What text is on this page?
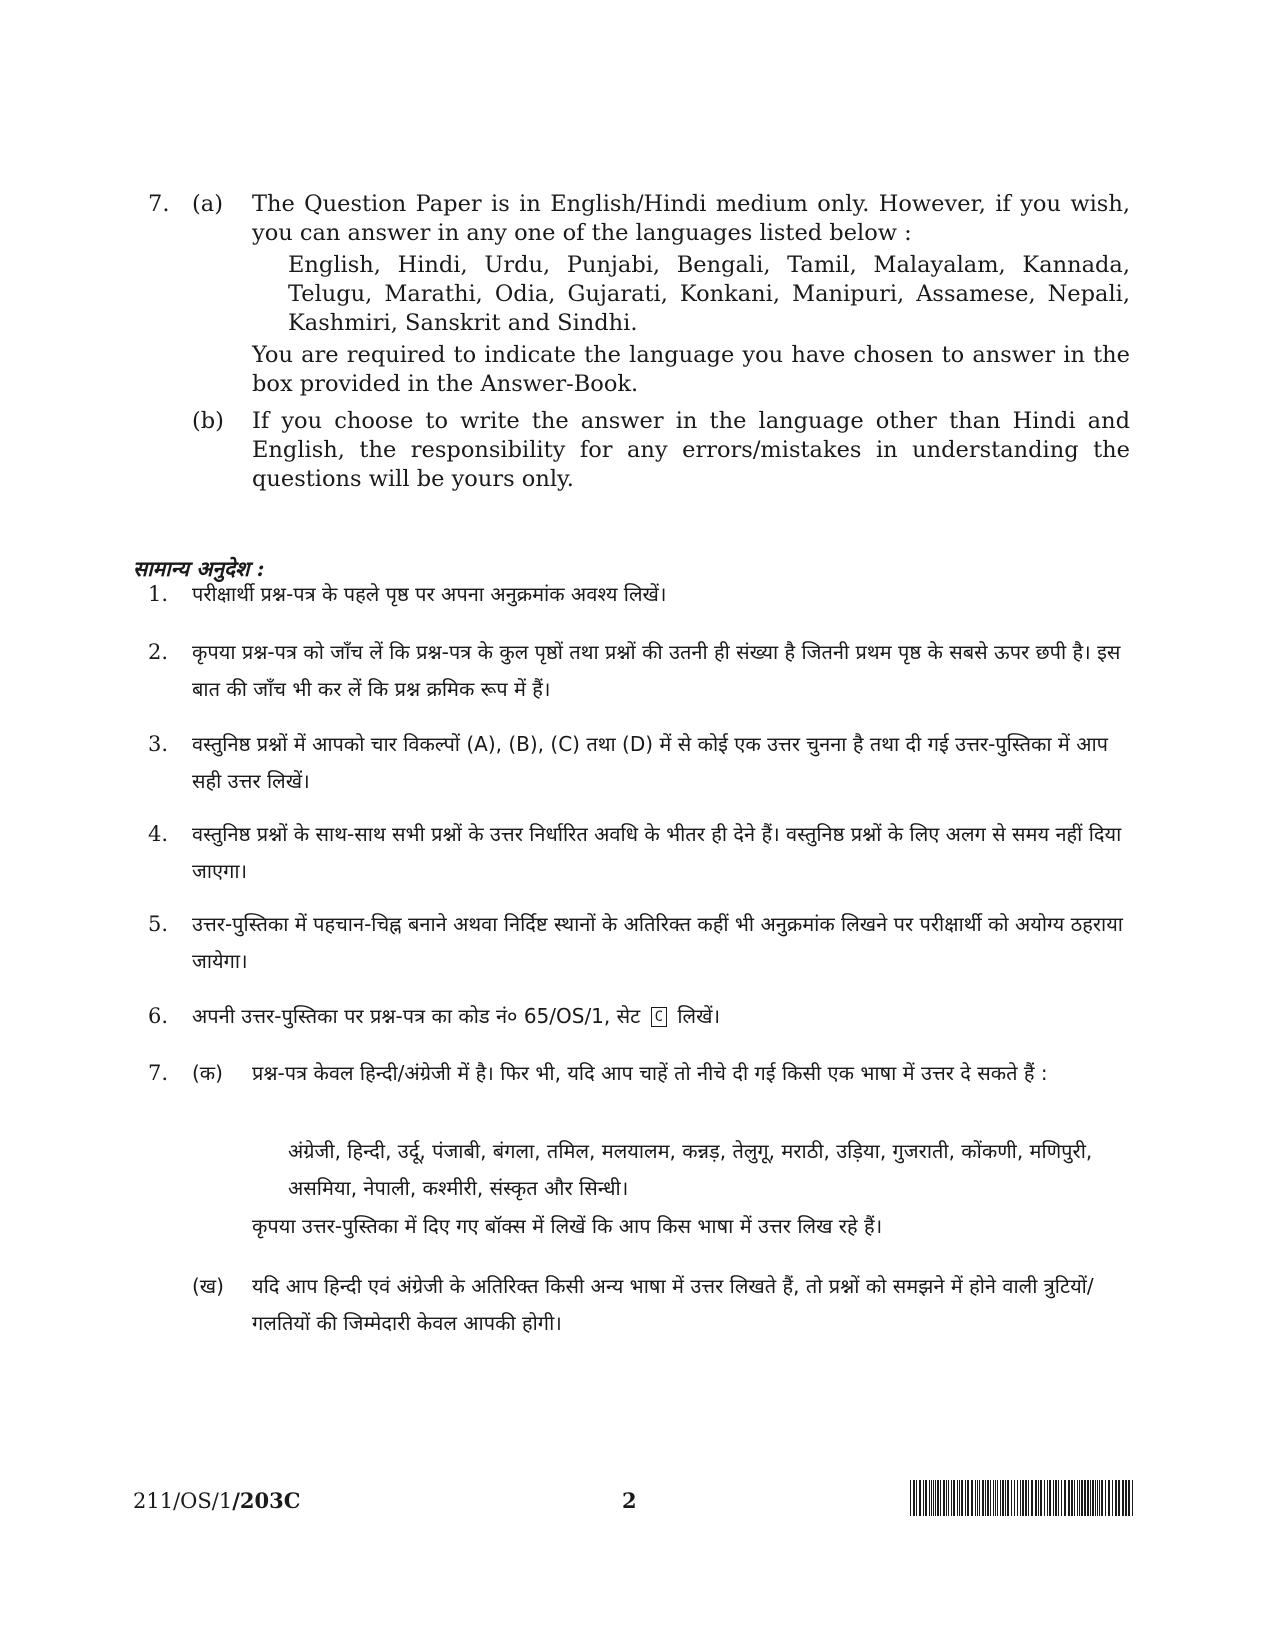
7. (a) The Question Paper is in English/Hindi medium only. However, if you wish, you can answer in any one of the languages listed below :
English, Hindi, Urdu, Punjabi, Bengali, Tamil, Malayalam, Kannada, Telugu, Marathi, Odia, Gujarati, Konkani, Manipuri, Assamese, Nepali, Kashmiri, Sanskrit and Sindhi.
You are required to indicate the language you have chosen to answer in the box provided in the Answer-Book.
(b) If you choose to write the answer in the language other than Hindi and English, the responsibility for any errors/mistakes in understanding the questions will be yours only.
सामान्य अनुदेश :
1. परीक्षार्थी प्रश्न-पत्र के पहले पृष्ठ पर अपना अनुक्रमांक अवश्य लिखें।
2. कृपया प्रश्न-पत्र को जाँच लें कि प्रश्न-पत्र के कुल पृष्ठों तथा प्रश्नों की उतनी ही संख्या है जितनी प्रथम पृष्ठ के सबसे ऊपर छपी है। इस बात की जाँच भी कर लें कि प्रश्न क्रमिक रूप में हैं।
3. वस्तुनिष्ठ प्रश्नों में आपको चार विकल्पों (A), (B), (C) तथा (D) में से कोई एक उत्तर चुनना है तथा दी गई उत्तर-पुस्तिका में आप सही उत्तर लिखें।
4. वस्तुनिष्ठ प्रश्नों के साथ-साथ सभी प्रश्नों के उत्तर निर्धारित अवधि के भीतर ही देने हैं। वस्तुनिष्ठ प्रश्नों के लिए अलग से समय नहीं दिया जाएगा।
5. उत्तर-पुस्तिका में पहचान-चिह्न बनाने अथवा निर्दिष्ट स्थानों के अतिरिक्त कहीं भी अनुक्रमांक लिखने पर परीक्षार्थी को अयोग्य ठहराया जायेगा।
6. अपनी उत्तर-पुस्तिका पर प्रश्न-पत्र का कोड नं० 65/OS/1, सेट C लिखें।
7. (क) प्रश्न-पत्र केवल हिन्दी/अंग्रेजी में है। फिर भी, यदि आप चाहें तो नीचे दी गई किसी एक भाषा में उत्तर दे सकते हैं :
अंग्रेजी, हिन्दी, उर्दू, पंजाबी, बंगला, तमिल, मलयालम, कन्नड़, तेलुगू, मराठी, उड़िया, गुजराती, कोंकणी, मणिपुरी, असमिया, नेपाली, कश्मीरी, संस्कृत और सिन्धी।
कृपया उत्तर-पुस्तिका में दिए गए बॉक्स में लिखें कि आप किस भाषा में उत्तर लिख रहे हैं।
(ख) यदि आप हिन्दी एवं अंग्रेजी के अतिरिक्त किसी अन्य भाषा में उत्तर लिखते हैं, तो प्रश्नों को समझने में होने वाली त्रुटियों/गलतियों की जिम्मेदारी केवल आपकी होगी।
211/OS/1/203C	2
